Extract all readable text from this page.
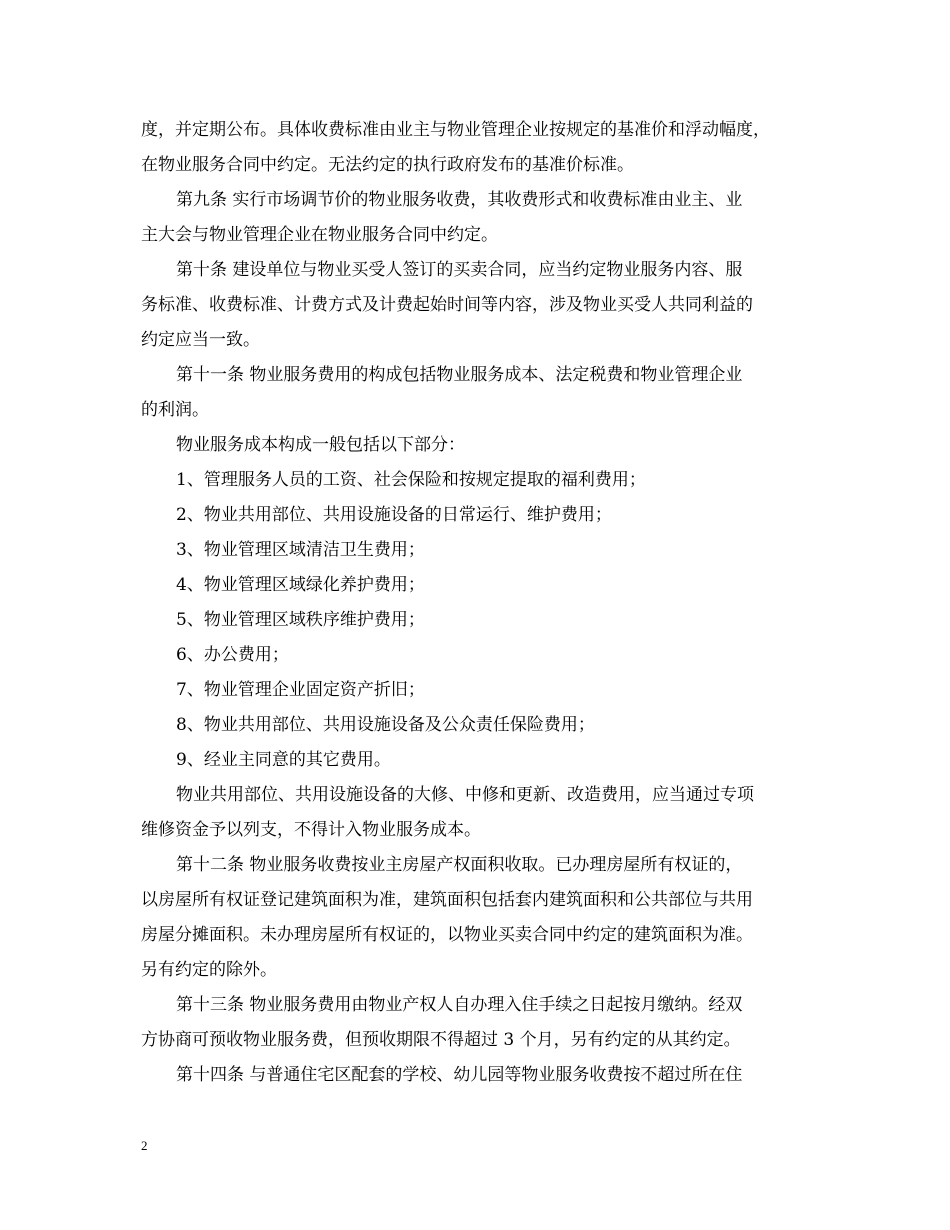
度，并定期公布。具体收费标准由业主与物业管理企业按规定的基准价和浮动幅度，
在物业服务合同中约定。无法约定的执行政府发布的基准价标准。
第九条 实行市场调节价的物业服务收费，其收费形式和收费标准由业主、业
主大会与物业管理企业在物业服务合同中约定。
第十条 建设单位与物业买受人签订的买卖合同，应当约定物业服务内容、服
务标准、收费标准、计费方式及计费起始时间等内容，涉及物业买受人共同利益的
约定应当一致。
第十一条 物业服务费用的构成包括物业服务成本、法定税费和物业管理企业
的利润。
物业服务成本构成一般包括以下部分：
1、管理服务人员的工资、社会保险和按规定提取的福利费用；
2、物业共用部位、共用设施设备的日常运行、维护费用；
3、物业管理区域清洁卫生费用；
4、物业管理区域绿化养护费用；
5、物业管理区域秩序维护费用；
6、办公费用；
7、物业管理企业固定资产折旧；
8、物业共用部位、共用设施设备及公众责任保险费用；
9、经业主同意的其它费用。
物业共用部位、共用设施设备的大修、中修和更新、改造费用，应当通过专项
维修资金予以列支，不得计入物业服务成本。
第十二条 物业服务收费按业主房屋产权面积收取。已办理房屋所有权证的，
以房屋所有权证登记建筑面积为准，建筑面积包括套内建筑面积和公共部位与共用
房屋分摊面积。未办理房屋所有权证的，以物业买卖合同中约定的建筑面积为准。
另有约定的除外。
第十三条 物业服务费用由物业产权人自办理入住手续之日起按月缴纳。经双
方协商可预收物业服务费，但预收期限不得超过 3 个月，另有约定的从其约定。
第十四条 与普通住宅区配套的学校、幼儿园等物业服务收费按不超过所在住
2
